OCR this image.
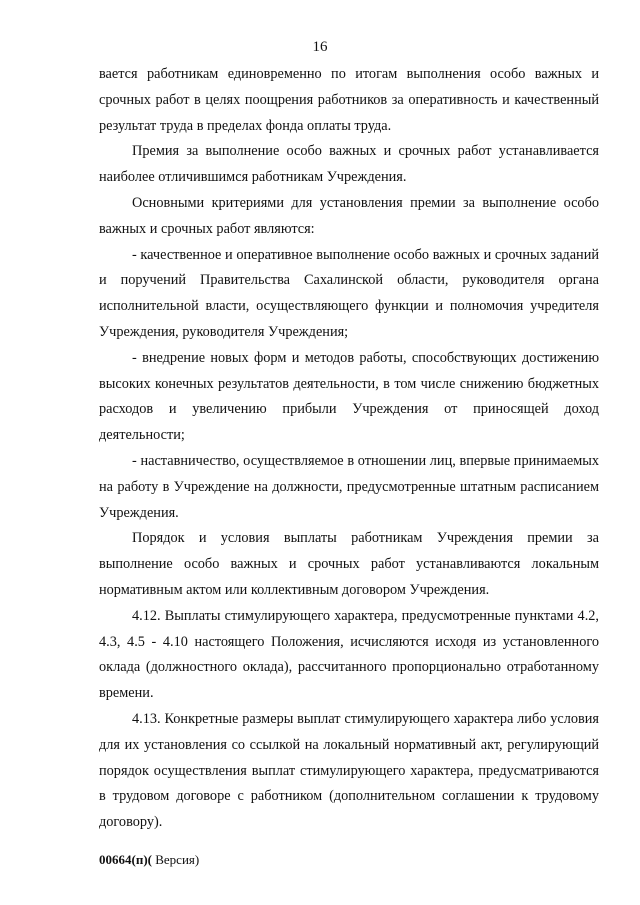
16

вается работникам единовременно по итогам выполнения особо важных и срочных работ в целях поощрения работников за оперативность и качественный результат труда в пределах фонда оплаты труда.

Премия за выполнение особо важных и срочных работ устанавливается наиболее отличившимся работникам Учреждения.

Основными критериями для установления премии за выполнение особо важных и срочных работ являются:

- качественное и оперативное выполнение особо важных и срочных заданий и поручений Правительства Сахалинской области, руководителя органа исполнительной власти, осуществляющего функции и полномочия учредителя Учреждения, руководителя Учреждения;

- внедрение новых форм и методов работы, способствующих достижению высоких конечных результатов деятельности, в том числе снижению бюджетных расходов и увеличению прибыли Учреждения от приносящей доход деятельности;

- наставничество, осуществляемое в отношении лиц, впервые принимаемых на работу в Учреждение на должности, предусмотренные штатным расписанием Учреждения.

Порядок и условия выплаты работникам Учреждения премии за выполнение особо важных и срочных работ устанавливаются локальным нормативным актом или коллективным договором Учреждения.

4.12. Выплаты стимулирующего характера, предусмотренные пунктами 4.2, 4.3, 4.5 - 4.10 настоящего Положения, исчисляются исходя из установленного оклада (должностного оклада), рассчитанного пропорционально отработанному времени.

4.13. Конкретные размеры выплат стимулирующего характера либо условия для их установления со ссылкой на локальный нормативный акт, регулирующий порядок осуществления выплат стимулирующего характера, предусматриваются в трудовом договоре с работником (дополнительном соглашении к трудовому договору).

00664(п)( Версия)
